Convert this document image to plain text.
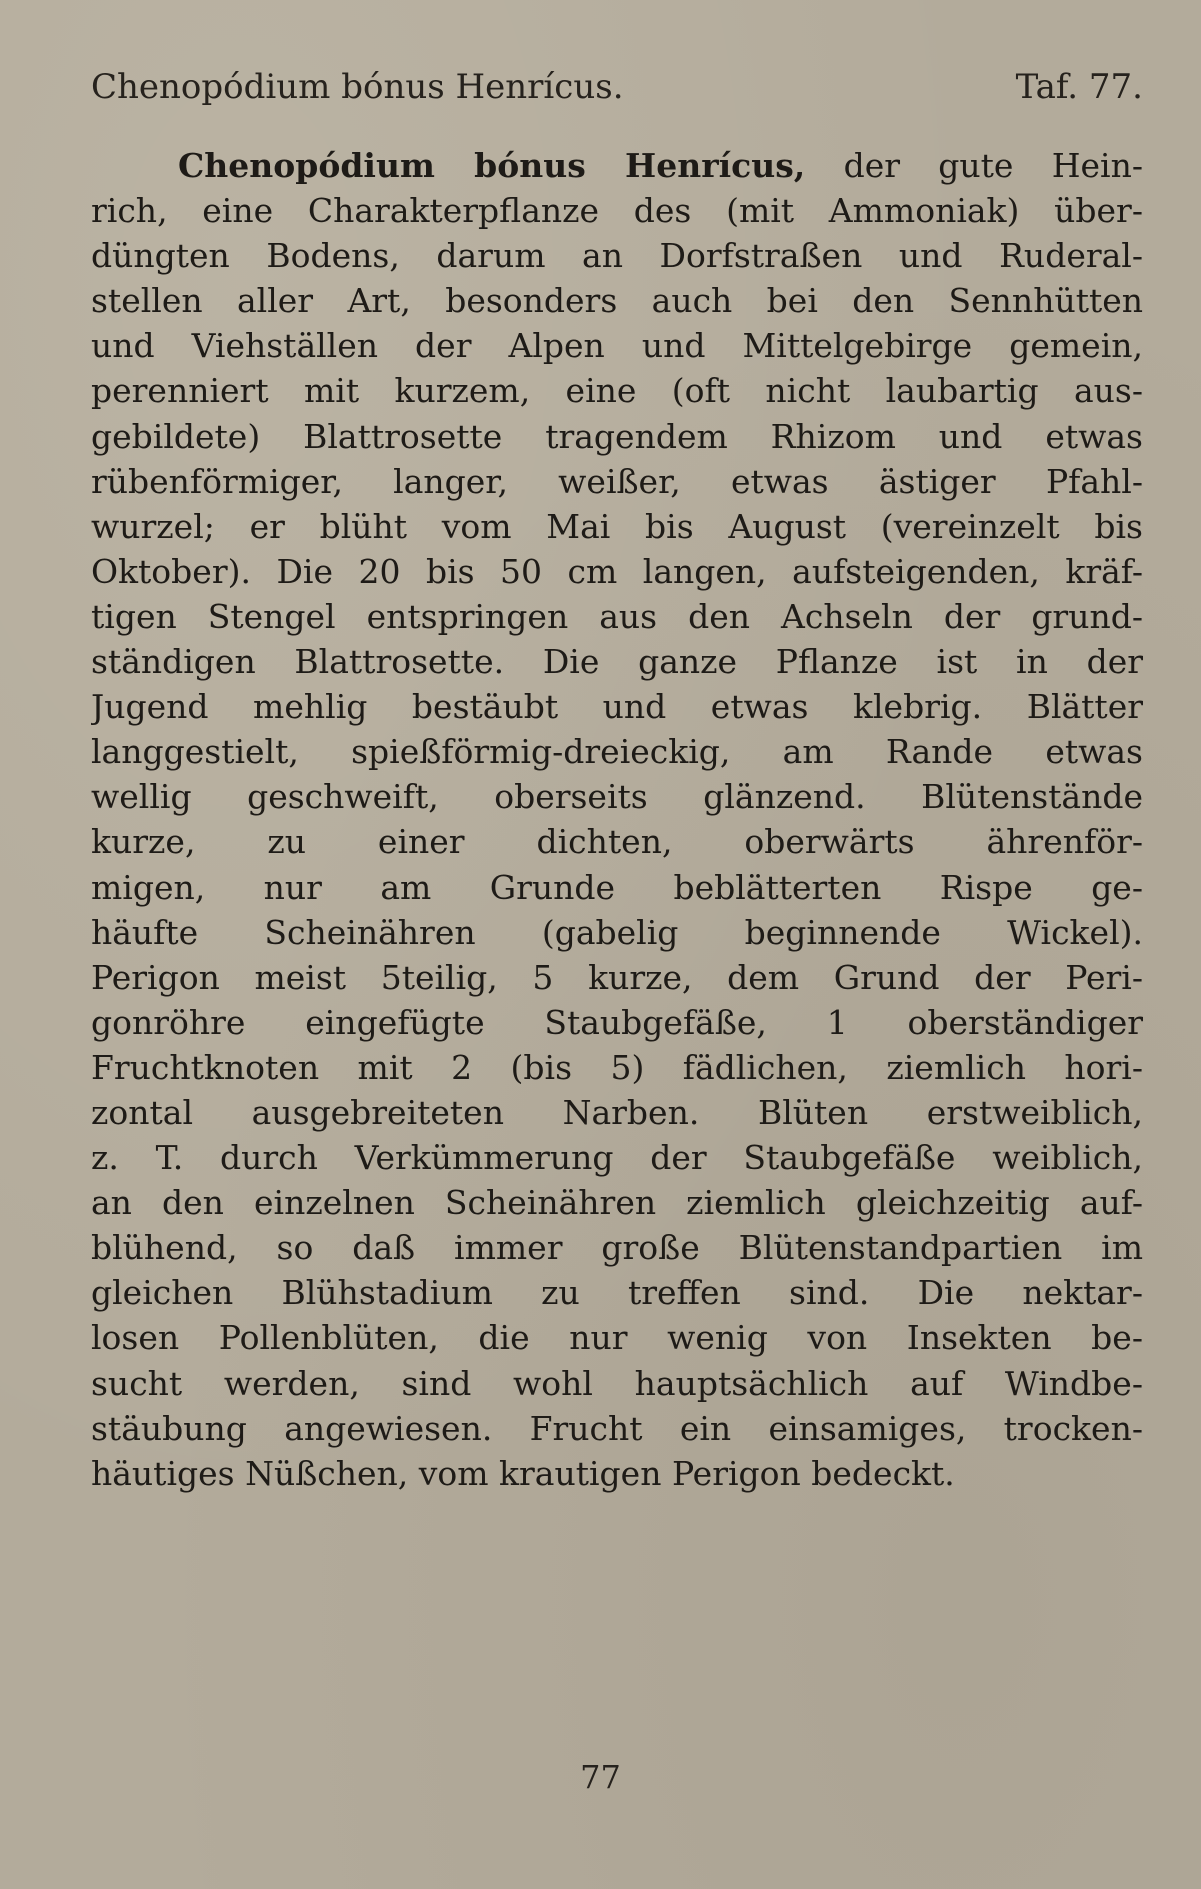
Chenopódium bónus Henrícus.	Taf. 77.
Chenopódium bónus Henrícus, der gute Hein-
rich, eine Charakterpflanze des (mit Ammoniak) über-
düngten Bodens, darum an Dorfstraßen und Ruderal-
stellen aller Art, besonders auch bei den Sennhütten
und Viehställen der Alpen und Mittelgebirge gemein,
perenniert mit kurzem, eine (oft nicht laubartig aus-
gebildete) Blattrosette tragendem Rhizom und etwas
rübenförmiger, langer, weißer, etwas ästiger Pfahl-
wurzel; er blüht vom Mai bis August (vereinzelt bis
Oktober). Die 20 bis 50 cm langen, aufsteigenden, kräf-
tigen Stengel entspringen aus den Achseln der grund-
ständigen Blattrosette. Die ganze Pflanze ist in der
Jugend mehlig bestäubt und etwas klebrig. Blätter
langgestielt, spießförmig-dreieckig, am Rande etwas
wellig geschweift, oberseits glänzend. Blütenstände
kurze, zu einer dichten, oberwärts ährenför-
migen, nur am Grunde beblätterten Rispe ge-
häufte Scheinähren (gabelig beginnende Wickel).
Perigon meist 5teilig, 5 kurze, dem Grund der Peri-
gonröhre eingefügte Staubgefäße, 1 oberständiger
Fruchtknoten mit 2 (bis 5) fädlichen, ziemlich hori-
zontal ausgebreiteten Narben. Blüten erstweiblich,
z. T. durch Verkümmerung der Staubgefäße weiblich,
an den einzelnen Scheinähren ziemlich gleichzeitig auf-
blühend, so daß immer große Blütenstandpartien im
gleichen Blühstadium zu treffen sind. Die nektar-
losen Pollenblüten, die nur wenig von Insekten be-
sucht werden, sind wohl hauptsächlich auf Windbe-
stäubung angewiesen. Frucht ein einsamiges, trocken-
häutiges Nüßchen, vom krautigen Perigon bedeckt.
77
